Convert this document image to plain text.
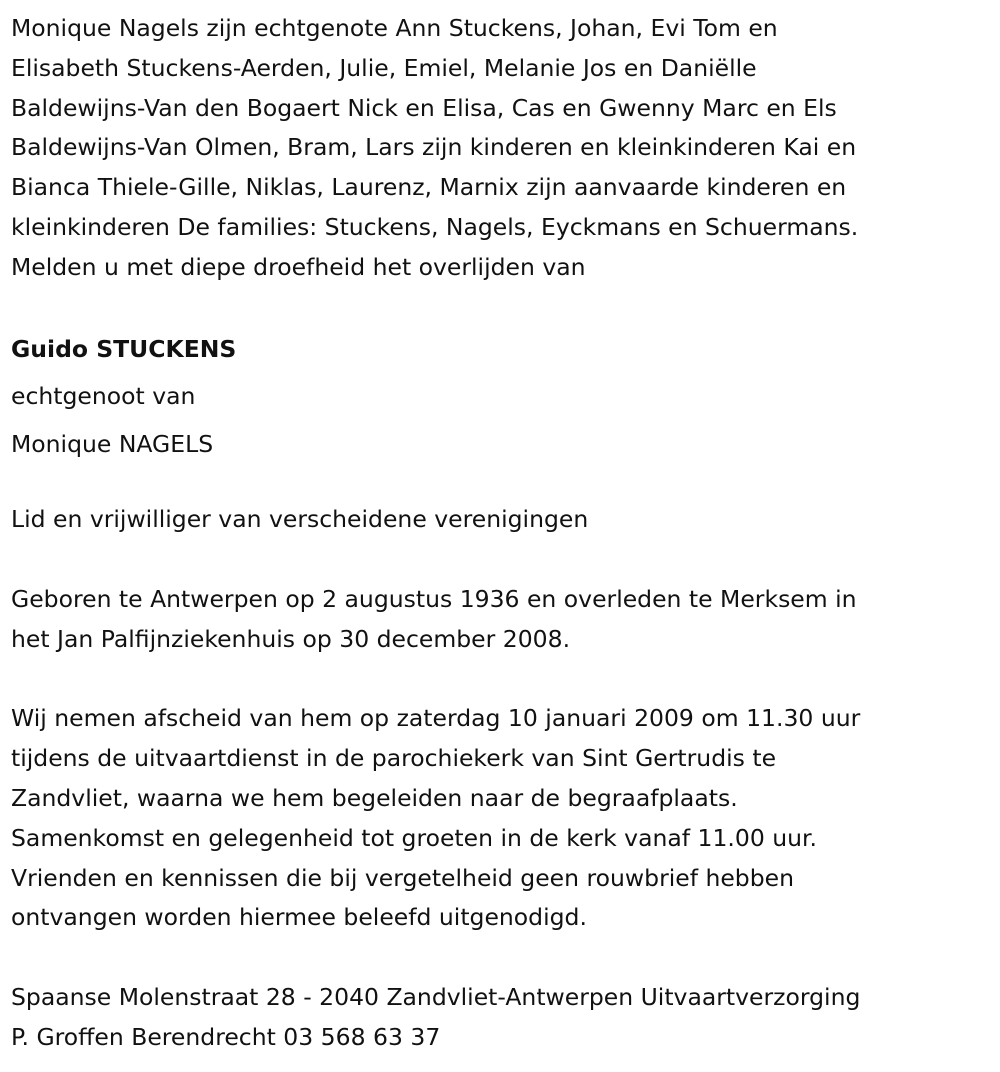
Monique Nagels zijn echtgenote Ann Stuckens, Johan, Evi Tom en
Elisabeth Stuckens-Aerden, Julie, Emiel, Melanie Jos en Daniëlle
Baldewijns-Van den Bogaert Nick en Elisa, Cas en Gwenny Marc en Els
Baldewijns-Van Olmen, Bram, Lars zijn kinderen en kleinkinderen Kai en
Bianca Thiele-Gille, Niklas, Laurenz, Marnix zijn aanvaarde kinderen en
kleinkinderen De families: Stuckens, Nagels, Eyckmans en Schuermans.
Melden u met diepe droefheid het overlijden van
Guido STUCKENS
echtgenoot van
Monique NAGELS
Lid en vrijwilliger van verscheidene verenigingen
Geboren te Antwerpen op 2 augustus 1936 en overleden te Merksem in
het Jan Palfijnziekenhuis op 30 december 2008.
Wij nemen afscheid van hem op zaterdag 10 januari 2009 om 11.30 uur
tijdens de uitvaartdienst in de parochiekerk van Sint Gertrudis te
Zandvliet, waarna we hem begeleiden naar de begraafplaats.
Samenkomst en gelegenheid tot groeten in de kerk vanaf 11.00 uur.
Vrienden en kennissen die bij vergetelheid geen rouwbrief hebben
ontvangen worden hiermee beleefd uitgenodigd.
Spaanse Molenstraat 28 - 2040 Zandvliet-Antwerpen Uitvaartverzorging
P. Groffen Berendrecht 03 568 63 37
